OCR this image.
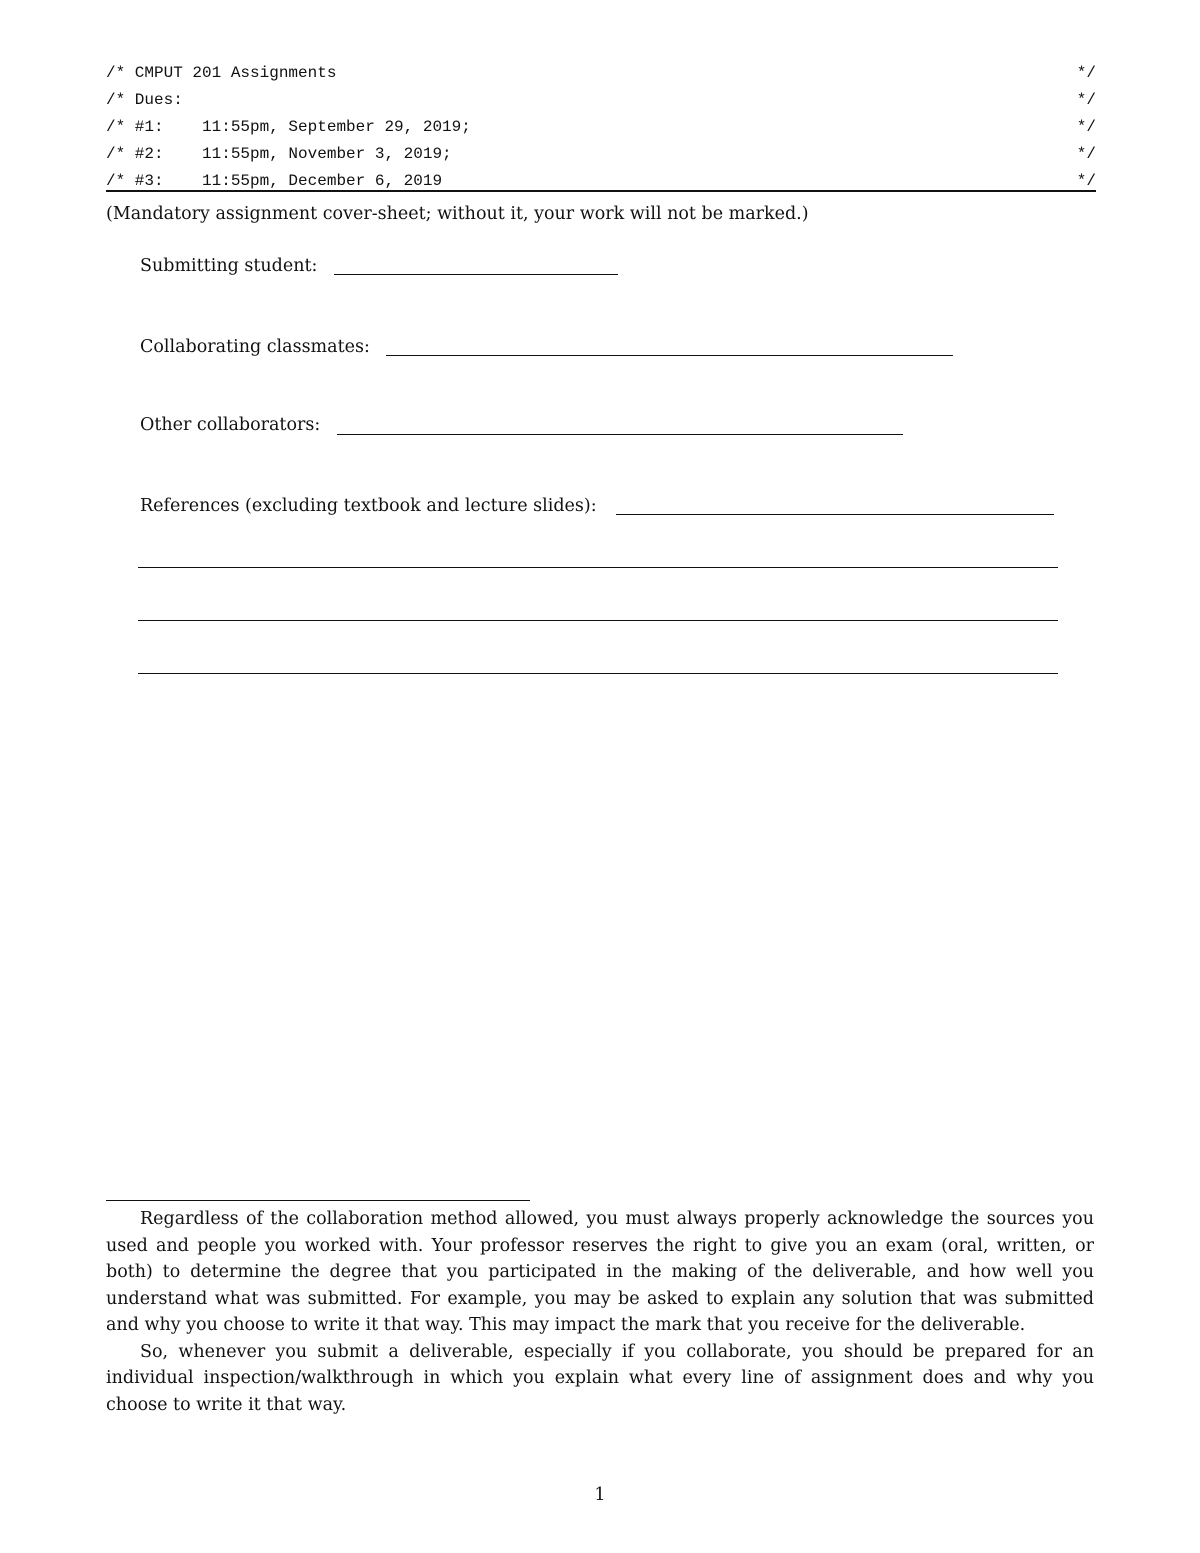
/* CMPUT 201 Assignments

	*/

/* Dues:

	*/

/* #1:    11:55pm, September 29, 2019;

	*/

/* #2:    11:55pm, November 3, 2019;

	*/

/* #3:    11:55pm, December 6, 2019

	*/

(Mandatory assignment cover-sheet; without it, your work will not be marked.)
Submitting student:
Collaborating classmates:
Other collaborators:
References (excluding textbook and lecture slides):

Regardless of the collaboration method allowed, you must always properly acknowledge the sources you used and people you worked with. Your professor reserves the right to give you an exam (oral, written, or both) to determine the degree that you participated in the making of the deliverable, and how well you understand what was submitted. For example, you may be asked to explain any solution that was submitted and why you choose to write it that way. This may impact the mark that you receive for the deliverable.

So, whenever you submit a deliverable, especially if you collaborate, you should be prepared for an individual inspection/walkthrough in which you explain what every line of assignment does and why you choose to write it that way.

1
